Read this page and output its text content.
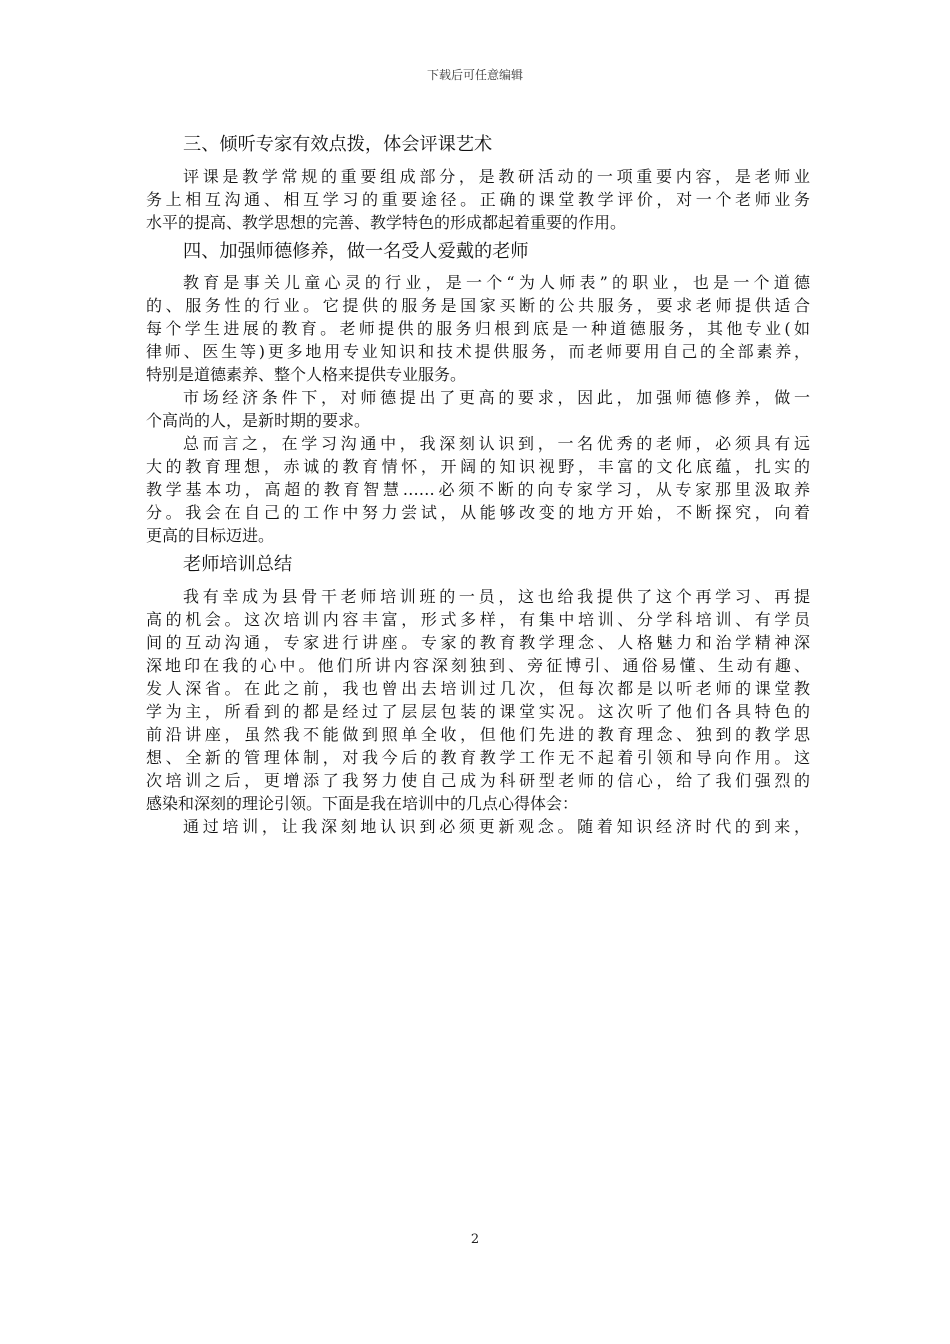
下载后可任意编辑
三、倾听专家有效点拨，体会评课艺术
评课是教学常规的重要组成部分，是教研活动的一项重要内容，是老师业
务上相互沟通、相互学习的重要途径。正确的课堂教学评价，对一个老师业务
水平的提高、教学思想的完善、教学特色的形成都起着重要的作用。
四、加强师德修养，做一名受人爱戴的老师
教育是事关儿童心灵的行业，是一个“为人师表”的职业，也是一个道德
的、服务性的行业。它提供的服务是国家买断的公共服务，要求老师提供适合
每个学生进展的教育。老师提供的服务归根到底是一种道德服务，其他专业(如
律师、医生等)更多地用专业知识和技术提供服务，而老师要用自己的全部素养，
特别是道德素养、整个人格来提供专业服务。
市场经济条件下，对师德提出了更高的要求，因此，加强师德修养，做一
个高尚的人，是新时期的要求。
总而言之，在学习沟通中，我深刻认识到，一名优秀的老师，必须具有远
大的教育理想，赤诚的教育情怀，开阔的知识视野，丰富的文化底蕴，扎实的
教学基本功，高超的教育智慧……必须不断的向专家学习，从专家那里汲取养
分。我会在自己的工作中努力尝试，从能够改变的地方开始，不断探究，向着
更高的目标迈进。
老师培训总结
我有幸成为县骨干老师培训班的一员，这也给我提供了这个再学习、再提
高的机会。这次培训内容丰富，形式多样，有集中培训、分学科培训、有学员
间的互动沟通，专家进行讲座。专家的教育教学理念、人格魅力和治学精神深
深地印在我的心中。他们所讲内容深刻独到、旁征博引、通俗易懂、生动有趣、
发人深省。在此之前，我也曾出去培训过几次，但每次都是以听老师的课堂教
学为主，所看到的都是经过了层层包装的课堂实况。这次听了他们各具特色的
前沿讲座，虽然我不能做到照单全收，但他们先进的教育理念、独到的教学思
想、全新的管理体制，对我今后的教育教学工作无不起着引领和导向作用。这
次培训之后，更增添了我努力使自己成为科研型老师的信心，给了我们强烈的
感染和深刻的理论引领。下面是我在培训中的几点心得体会：
通过培训，让我深刻地认识到必须更新观念。随着知识经济时代的到来，
2
